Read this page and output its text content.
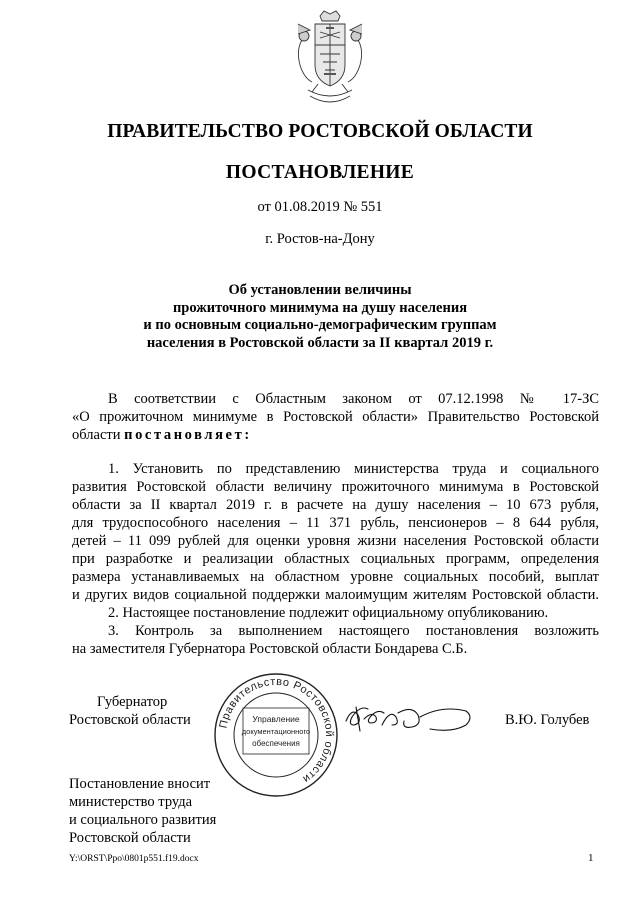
ПРАВИТЕЛЬСТВО РОСТОВСКОЙ ОБЛАСТИ
ПОСТАНОВЛЕНИЕ
от 01.08.2019 № 551
г. Ростов-на-Дону
Об установлении величины
прожиточного минимума на душу населения
и по основным социально-демографическим группам
населения в Ростовской области за II квартал 2019 г.
В соответствии с Областным законом от 07.12.1998 № 17-ЗС
«О прожиточном минимуме в Ростовской области» Правительство Ростовской
области постановляет:
1. Установить по представлению министерства труда и социального
развития Ростовской области величину прожиточного минимума в Ростовской
области за II квартал 2019 г. в расчете на душу населения – 10 673 рубля,
для трудоспособного населения – 11 371 рубль, пенсионеров – 8 644 рубля,
детей – 11 099 рублей для оценки уровня жизни населения Ростовской области
при разработке и реализации областных социальных программ, определения
размера устанавливаемых на областном уровне социальных пособий, выплат
и других видов социальной поддержки малоимущим жителям Ростовской области.
2. Настоящее постановление подлежит официальному опубликованию.
3. Контроль за выполнением настоящего постановления возложить
на заместителя Губернатора Ростовской области Бондарева С.Б.
Губернатор
Ростовской области Правительство Ростовской области
Управление
документационного
обеспечения
В.Ю. Голубев
Постановление вносит
министерство труда
и социального развития
Ростовской области
Y:\ORST\Ppo\0801p551.f19.docx	1
